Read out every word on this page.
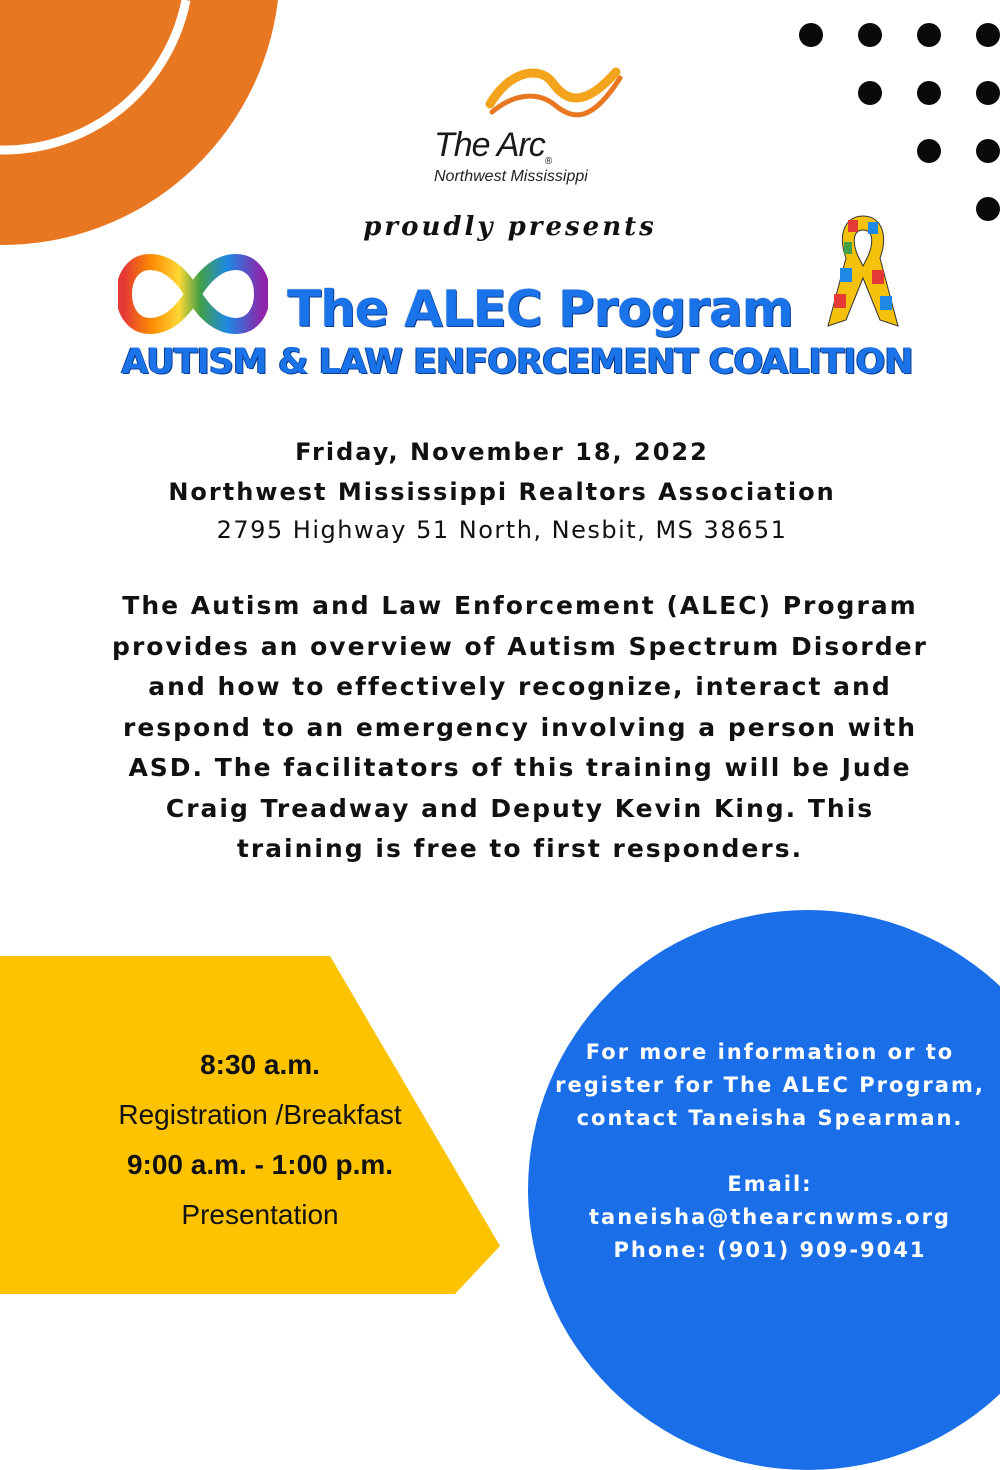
The Arc$_®$
Northwest Mississippi
proudly presents
The ALEC Program
AUTISM & LAW ENFORCEMENT COALITION
Friday, November 18, 2022
Northwest Mississippi Realtors Association
2795 Highway 51 North, Nesbit, MS 38651
The Autism and Law Enforcement (ALEC) Program
provides an overview of Autism Spectrum Disorder
and how to effectively recognize, interact and
respond to an emergency involving a person with
ASD. The facilitators of this training will be Jude
Craig Treadway and Deputy Kevin King. This
training is free to first responders.
8:30 a.m.
Registration /Breakfast
9:00 a.m. - 1:00 p.m.
Presentation
For more information or to
register for The ALEC Program,
contact Taneisha Spearman.
Email:
taneisha@thearcnwms.org
Phone: (901) 909-9041
